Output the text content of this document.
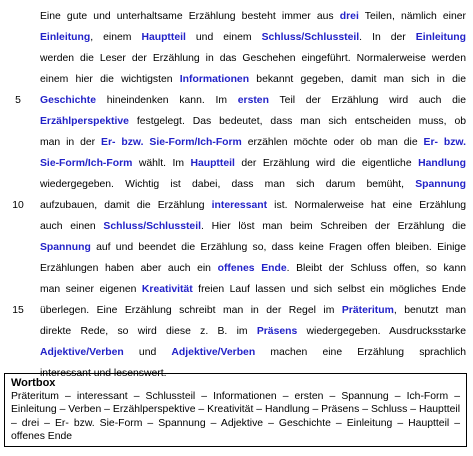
Eine gute und unterhaltsame Erzählung besteht immer aus drei Teilen, nämlich einer
Einleitung, einem Hauptteil und einem Schluss/Schlussteil. In der Einleitung
werden die Leser der Erzählung in das Geschehen eingeführt. Normalerweise werden
einem hier die wichtigsten Informationen bekannt gegeben, damit man sich in die
Geschichte hineindenken kann. Im ersten Teil der Erzählung wird auch die
Erzählperspektive festgelegt. Das bedeutet, dass man sich entscheiden muss, ob
man in der Er- bzw. Sie-Form/Ich-Form erzählen möchte oder ob man die Er- bzw.
Sie-Form/Ich-Form wählt. Im Hauptteil der Erzählung wird die eigentliche Handlung
wiedergegeben. Wichtig ist dabei, dass man sich darum bemüht, Spannung
aufzubauen, damit die Erzählung interessant ist. Normalerweise hat eine Erzählung
auch einen Schluss/Schlussteil. Hier löst man beim Schreiben der Erzählung die
Spannung auf und beendet die Erzählung so, dass keine Fragen offen bleiben. Einige
Erzählungen haben aber auch ein offenes Ende. Bleibt der Schluss offen, so kann
man seiner eigenen Kreativität freien Lauf lassen und sich selbst ein mögliches Ende
überlegen. Eine Erzählung schreibt man in der Regel im Präteritum, benutzt man
direkte Rede, so wird diese z. B. im Präsens wiedergegeben. Ausdrucksstarke
Adjektive/Verben und Adjektive/Verben machen eine Erzählung sprachlich
interessant und lesenswert.
5
10
15
Wortbox
Präteritum – interessant – Schlussteil – Informationen – ersten – Spannung – Ich-Form – Einleitung – Verben – Erzählperspektive – Kreativität – Handlung – Präsens – Schluss – Hauptteil – drei – Er- bzw. Sie-Form – Spannung – Adjektive – Geschichte – Einleitung – Hauptteil – offenes Ende
